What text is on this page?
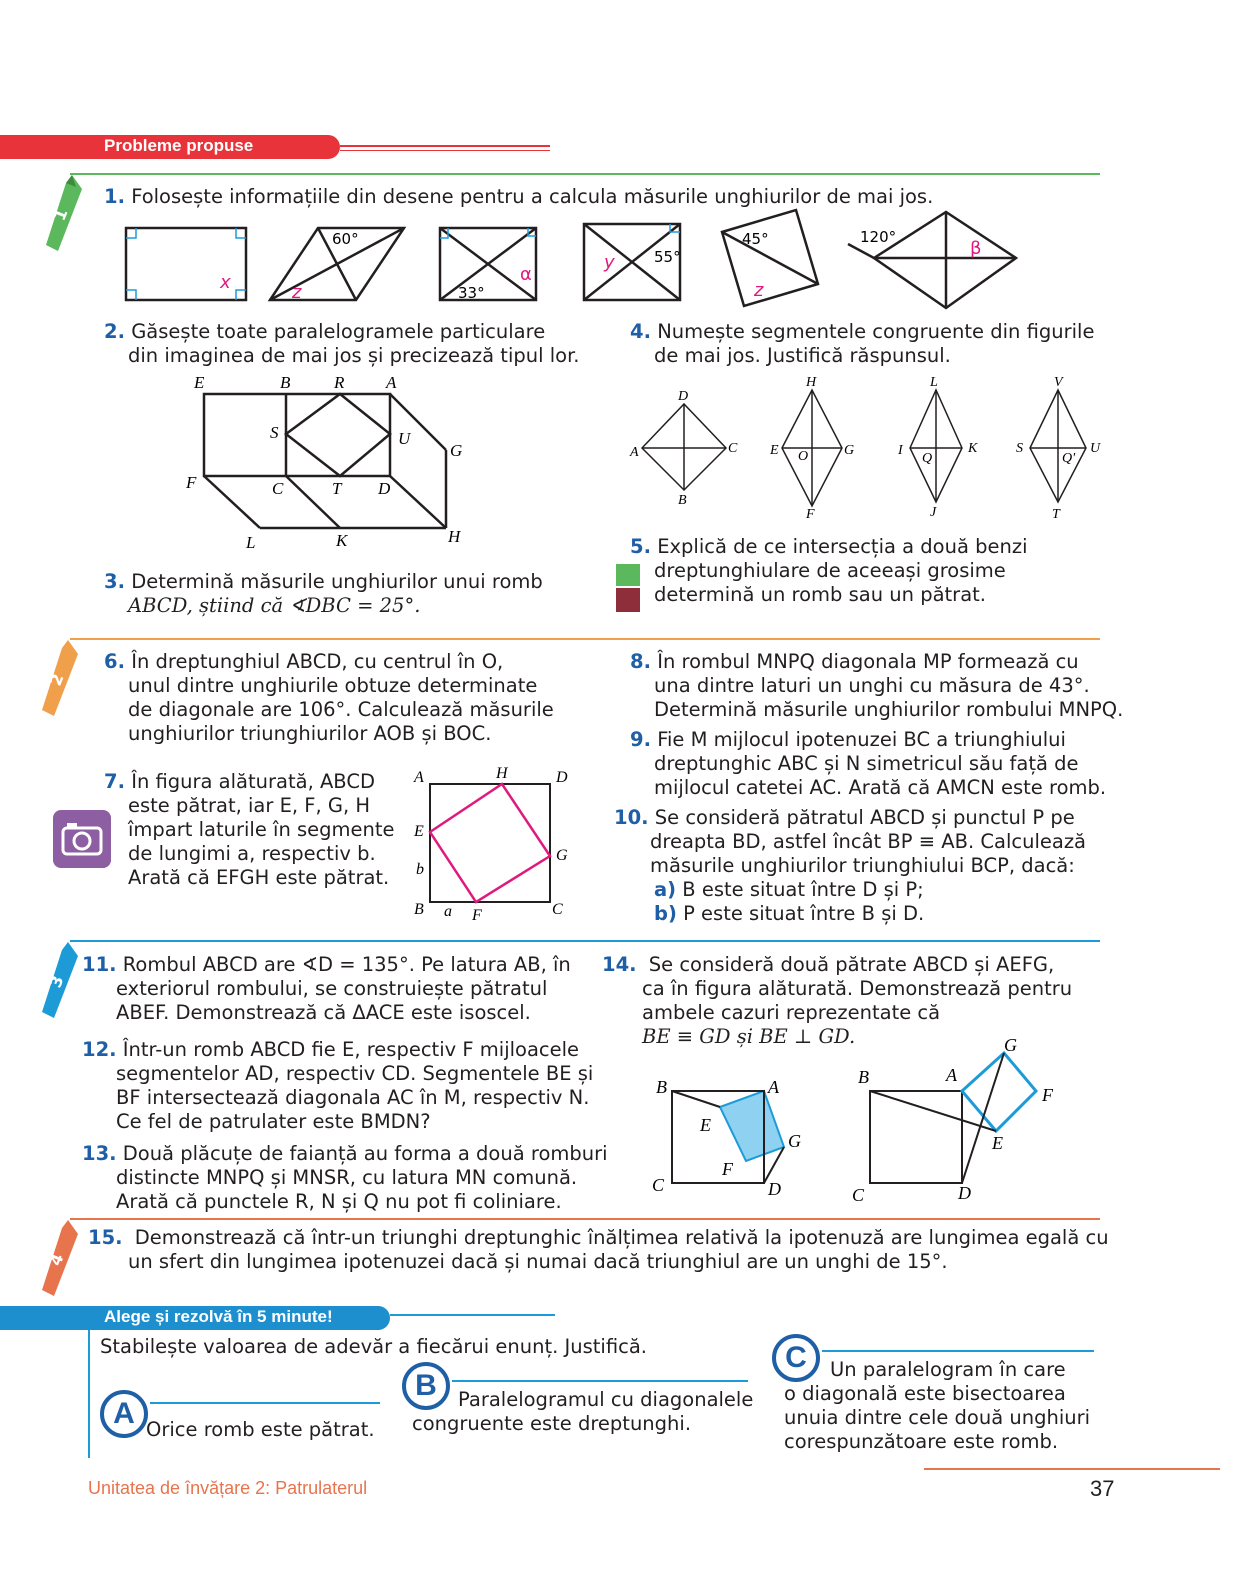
Probleme propuse
1
2
3
4
1. Folosește informațiile din desene pentru a calcula măsurile unghiurilor de mai jos.
x
60°
z
α
33°
y	55°
45°
z
120°
β
2. Găsește toate paralelogramele particulare
din imaginea de mai jos și precizează tipul lor.
E	B	R A
S	U
G
F	C	T D
L	K	H
3. Determină măsurile unghiurilor unui romb
ABCD, știind că ∢DBC = 25°.
4. Numește segmentele congruente din figurile
de mai jos. Justifică răspunsul.
D
A	C
B
H
E O	G
F
L
I
Q
K
J
V
S
Q'
U
T
5. Explică de ce intersecția a două benzi
dreptunghiulare de aceeași grosime
determină un romb sau un pătrat.
6. În dreptunghiul ABCD, cu centrul în O,
unul dintre unghiurile obtuze determinate
de diagonale are 106°. Calculează măsurile
unghiurilor triunghiurilor AOB și BOC.
7. În figura alăturată, ABCD
este pătrat, iar E, F, G, H
împart laturile în segmente
de lungimi a, respectiv b.
Arată că EFGH este pătrat.
A	H	D
E
G
b
B a F	C
8. În rombul MNPQ diagonala MP formează cu
una dintre laturi un unghi cu măsura de 43°.
Determină măsurile unghiurilor rombului MNPQ.
9. Fie M mijlocul ipotenuzei BC a triunghiului
dreptunghic ABC și N simetricul său față de
mijlocul catetei AC. Arată că AMCN este romb.
10. Se consideră pătratul ABCD și punctul P pe
dreapta BD, astfel încât BP ≡ AB. Calculează
măsurile unghiurilor triunghiului BCP, dacă:
a) B este situat între D și P;
b) P este situat între B și D.
11. Rombul ABCD are ∢D = 135°. Pe latura AB, în
exteriorul rombului, se construiește pătratul
ABEF. Demonstrează că ΔACE este isoscel.
12. Într-un romb ABCD fie E, respectiv F mijloacele
segmentelor AD, respectiv CD. Segmentele BE și
BF intersectează diagonala AC în M, respectiv N.
Ce fel de patrulater este BMDN?
13. Două plăcuțe de faianță au forma a două romburi
distincte MNPQ și MNSR, cu latura MN comună.
Arată că punctele R, N și Q nu pot fi coliniare.
14. Se consideră două pătrate ABCD și AEFG,
ca în figura alăturată. Demonstrează pentru
ambele cazuri reprezentate că
BE ≡ GD și BE ⊥ GD.
B	A
E
G
F
C	D
B	A
G
F
E
C	D
15. Demonstrează că într-un triunghi dreptunghic înălțimea relativă la ipotenuză are lungimea egală cu
un sfert din lungimea ipotenuzei dacă și numai dacă triunghiul are un unghi de 15°.
Alege și rezolvă în 5 minute!
Stabilește valoarea de adevăr a fiecărui enunț. Justifică.
A Orice romb este pătrat.
B	Paralelogramul cu diagonalele
congruente este dreptunghi.
C	Un paralelogram în care
o diagonală este bisectoarea
unuia dintre cele două unghiuri
corespunzătoare este romb.
Unitatea de învățare 2: Patrulaterul	37
